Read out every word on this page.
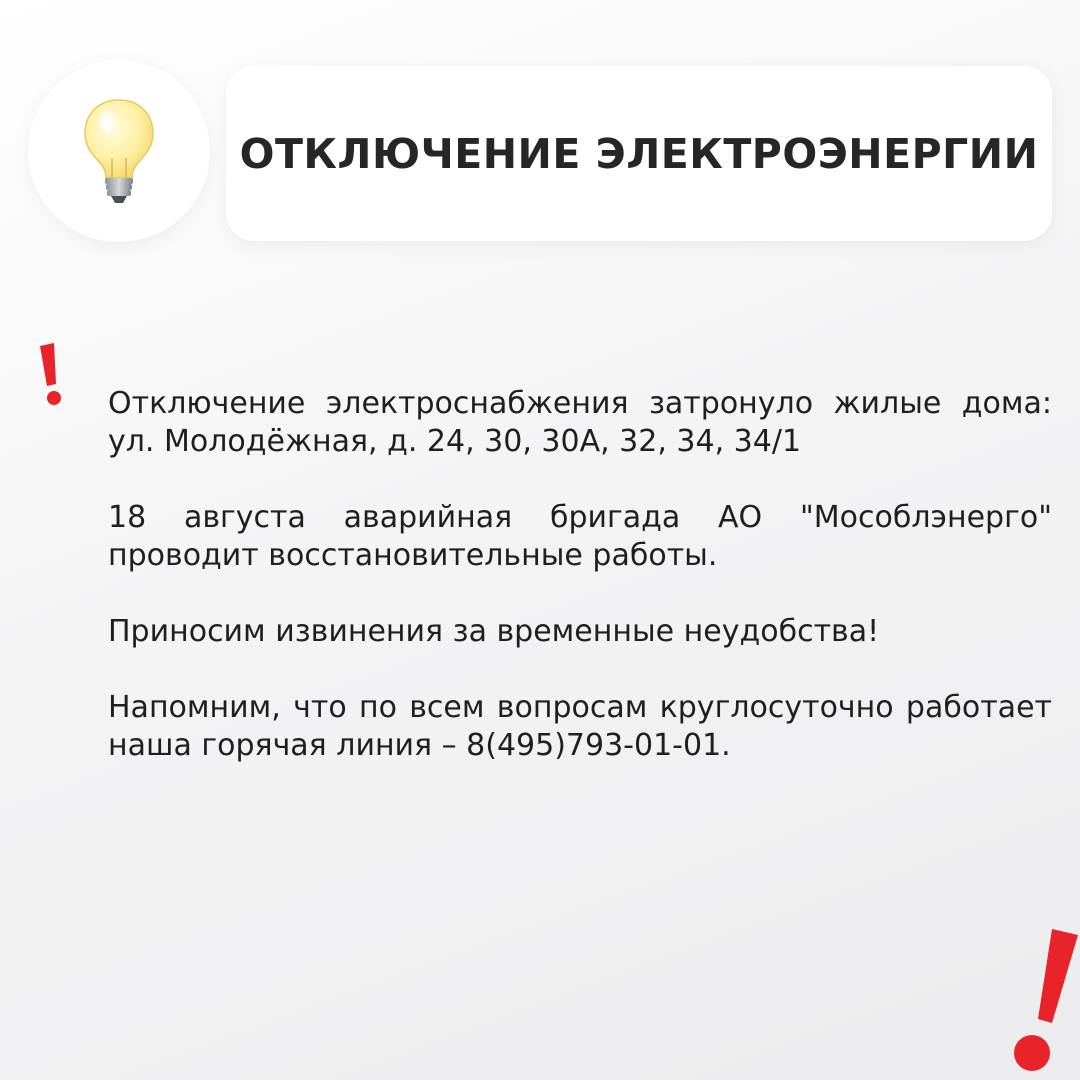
ОТКЛЮЧЕНИЕ ЭЛЕКТРОЭНЕРГИИ

Отключение электроснабжения затронуло жилые дома: ул. Молодёжная, д. 24, 30, 30А, 32, 34, 34/1

18 августа аварийная бригада АО "Мособлэнерго" проводит восстановительные работы.

Приносим извинения за временные неудобства!

Напомним, что по всем вопросам круглосуточно работает наша горячая линия – 8(495)793-01-01.
